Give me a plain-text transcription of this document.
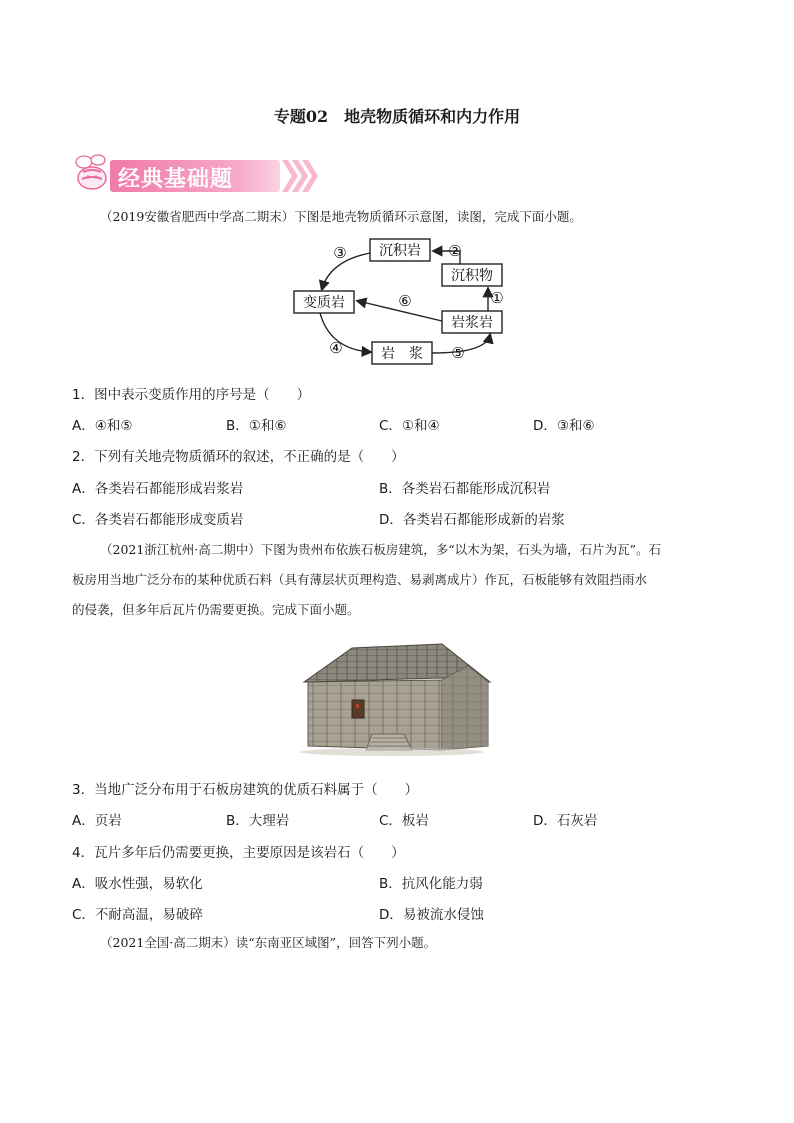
专题02　地壳物质循环和内力作用
经典基础题
（2019安徽省肥西中学高二期末）下图是地壳物质循环示意图，读图，完成下面小题。
沉积岩
沉积物
变质岩
岩浆岩
岩　浆
③	②
①
⑥
④	⑤
1．图中表示变质作用的序号是（　　）
A．④和⑤	B．①和⑥	C．①和④	D．③和⑥
2．下列有关地壳物质循环的叙述，不正确的是（　　）
A．各类岩石都能形成岩浆岩	B．各类岩石都能形成沉积岩
C．各类岩石都能形成变质岩	D．各类岩石都能形成新的岩浆
（2021浙江杭州·高二期中）下图为贵州布依族石板房建筑，多“以木为架，石头为墙，石片为瓦”。石
板房用当地广泛分布的某种优质石料（具有薄层状页理构造、易剥离成片）作瓦，石板能够有效阻挡雨水
的侵袭，但多年后瓦片仍需要更换。完成下面小题。
3．当地广泛分布用于石板房建筑的优质石料属于（　　）
A．页岩	B．大理岩	C．板岩	D．石灰岩
4．瓦片多年后仍需要更换，主要原因是该岩石（　　）
A．吸水性强，易软化	B．抗风化能力弱
C．不耐高温，易破碎	D．易被流水侵蚀
（2021全国·高二期末）读“东南亚区域图”，回答下列小题。
